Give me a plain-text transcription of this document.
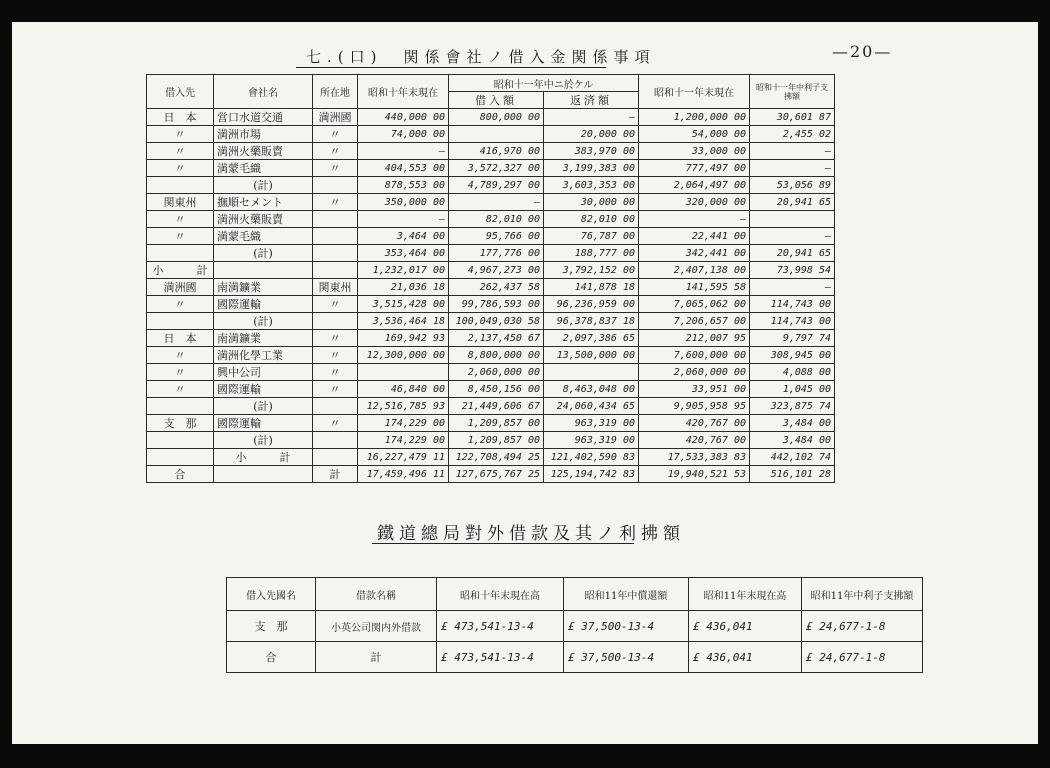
七.(口)　関係會社ノ借入金関係事項	—20—
借入先	會社名	所在地	昭和十年末現在	昭和十一年中ニ於ケル		昭和十一年末現在	昭和十一年中利子支拂額
				借入額	返済額		
日　本	営口水道交通	満洲國	440,000 00	800,000 00	—	1,200,000 00	30,601 87
〃	満洲市場	〃	74,000 00		20,000 00	54,000 00	2,455 02
〃	満洲火藥販賣	〃	—	416,970 00	383,970 00	33,000 00	—
〃	満蒙毛織	〃	404,553 00	3,572,327 00	3,199,383 00	777,497 00	—
	(計)		878,553 00	4,789,297 00	3,603,353 00	2,064,497 00	53,056 89
関東州	撫順セメント	〃	350,000 00	—	30,000 00	320,000 00	20,941 65
〃	満洲火藥販賣		—	82,010 00	82,010 00	—	
〃	満蒙毛織		3,464 00	95,766 00	76,787 00	22,441 00	—
	(計)		353,464 00	177,776 00	188,777 00	342,441 00	20,941 65
小　　　計			1,232,017 00	4,967,273 00	3,792,152 00	2,407,138 00	73,998 54
満洲國	南満鑛業	関東州	21,036 18	262,437 58	141,878 18	141,595 58	—
〃	國際運輸	〃	3,515,428 00	99,786,593 00	96,236,959 00	7,065,062 00	114,743 00
	(計)		3,536,464 18	100,049,030 58	96,378,837 18	7,206,657 00	114,743 00
日　本	南満鑛業	〃	169,942 93	2,137,450 67	2,097,386 65	212,007 95	9,797 74
〃	満洲化學工業	〃	12,300,000 00	8,800,000 00	13,500,000 00	7,600,000 00	308,945 00
〃	興中公司	〃		2,060,000 00		2,060,000 00	4,088 00
〃	國際運輸	〃	46,840 00	8,450,156 00	8,463,048 00	33,951 00	1,045 00
	(計)		12,516,785 93	21,449,606 67	24,060,434 65	9,905,958 95	323,875 74
支　那	國際運輸	〃	174,229 00	1,209,857 00	963,319 00	420,767 00	3,484 00
	(計)		174,229 00	1,209,857 00	963,319 00	420,767 00	3,484 00
	小　　　計		16,227,479 11	122,708,494 25	121,402,590 83	17,533,383 83	442,102 74
合		計	17,459,496 11	127,675,767 25	125,194,742 83	19,940,521 53	516,101 28
鐵道總局對外借款及其ノ利拂額
借入先國名	借款名稱	昭和十年末現在高	昭和11年中償還額	昭和11年末現在高	昭和11年中利子支拂額
支　那	小英公司関内外借款	£ 473,541-13-4	£ 37,500-13-4	£ 436,041	£ 24,677-1-8
合	計	£ 473,541-13-4	£ 37,500-13-4	£ 436,041	£ 24,677-1-8
